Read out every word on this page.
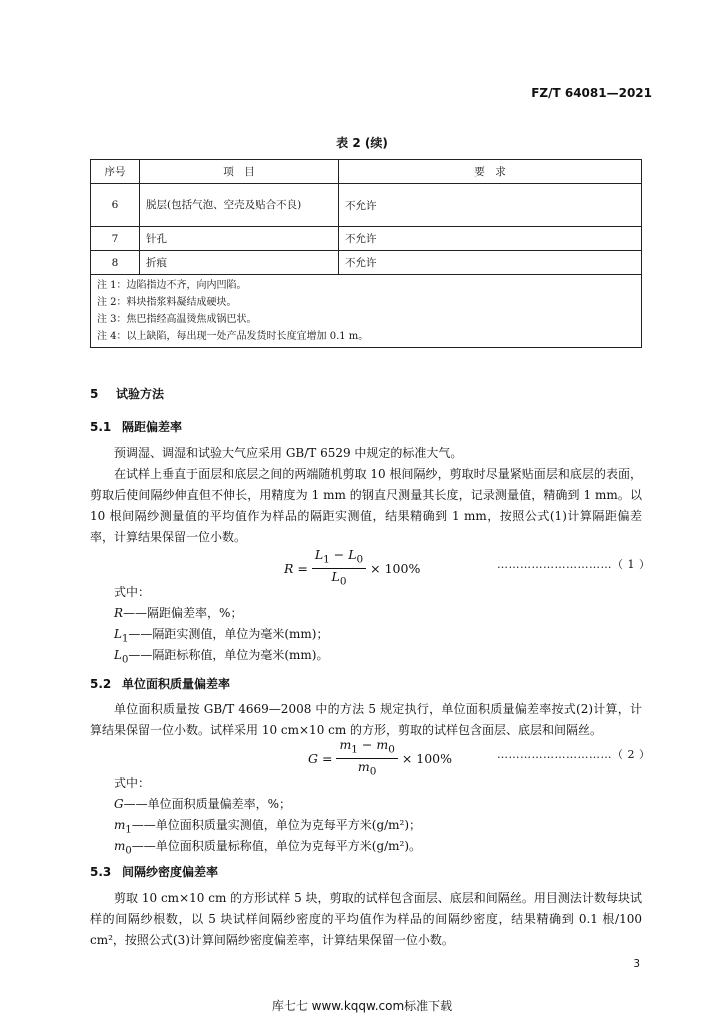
FZ/T 64081—2021
表 2 (续)
序号	项　目	要　求
6	脱层(包括气泡、空壳及贴合不良)	不允许
7	针孔	不允许
8	折痕	不允许

注 1：边陷指边不齐，向内凹陷。
注 2：料块指浆料凝结成硬块。
注 3：焦巴指经高温烫焦成锅巴状。
注 4：以上缺陷，每出现一处产品发货时长度宜增加 0.1 m。		
5 试验方法
5.1 隔距偏差率
预调湿、调湿和试验大气应采用 GB/T 6529 中规定的标准大气。
在试样上垂直于面层和底层之间的两端随机剪取 10 根间隔纱，剪取时尽量紧贴面层和底层的表面，剪取后使间隔纱伸直但不伸长，用精度为 1 mm 的钢直尺测量其长度，记录测量值，精确到 1 mm。以 10 根间隔纱测量值的平均值作为样品的隔距实测值，结果精确到 1 mm，按照公式(1)计算隔距偏差率，计算结果保留一位小数。
$R = \frac{L_1 - L_0}{L_0} \times 100\%$	…………………………（ 1 ）
式中：
R——隔距偏差率，%；
$L_1——$隔距实测值，单位为毫米(mm)；
$L_0——$隔距标称值，单位为毫米(mm)。
5.2 单位面积质量偏差率
单位面积质量按 GB/T 4669—2008 中的方法 5 规定执行，单位面积质量偏差率按式(2)计算，计算结果保留一位小数。试样采用 10 cm×10 cm 的方形，剪取的试样包含面层、底层和间隔丝。
$G = \frac{m_1 - m_0}{m_0} \times 100\%$	…………………………（ 2 ）
式中：
G——单位面积质量偏差率，%；
$m_1——$单位面积质量实测值，单位为克每平方米(g/m²)；
$m_0——$单位面积质量标称值，单位为克每平方米(g/m²)。
5.3 间隔纱密度偏差率
剪取 10 cm×10 cm 的方形试样 5 块，剪取的试样包含面层、底层和间隔丝。用目测法计数每块试样的间隔纱根数，以 5 块试样间隔纱密度的平均值作为样品的间隔纱密度，结果精确到 0.1 根/100 cm²，按照公式(3)计算间隔纱密度偏差率，计算结果保留一位小数。
3
库七七 www.kqqw.com标准下载
